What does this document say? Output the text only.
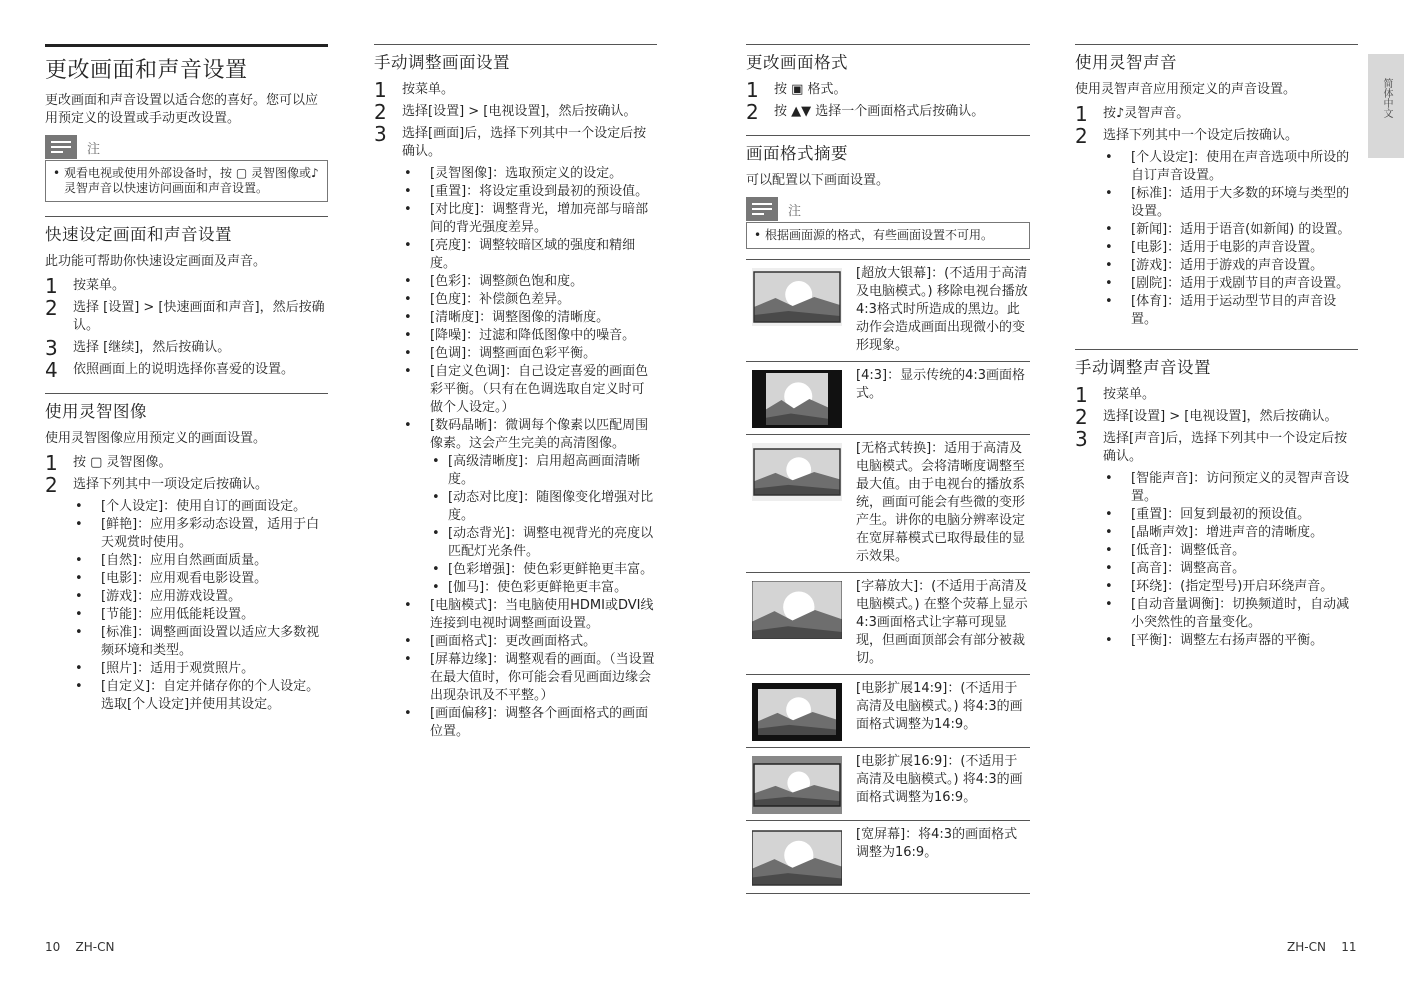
更改画面和声音设置

更改画面和声音设置以适合您的喜好。您可以应用预定义的设置或手动更改设置。

注
• 观看电视或使用外部设备时，按 ▢ 灵智图像或♪灵智声音以快速访问画面和声音设置。
快速设定画面和声音设置

此功能可帮助你快速设定画面及声音。

1	按菜单。
2	选择 [设置] > [快速画面和声音]，然后按确认。
3	选择 [继续]，然后按确认。
4	依照画面上的说明选择你喜爱的设置。
使用灵智图像

使用灵智图像应用预定义的画面设置。

1	按 ▢ 灵智图像。
2	选择下列其中一项设定后按确认。
• [个人设定]：使用自订的画面设定。
• [鲜艳]：应用多彩动态设置，适用于白天观赏时使用。
• [自然]：应用自然画面质量。
• [电影]：应用观看电影设置。
• [游戏]：应用游戏设置。
• [节能]：应用低能耗设置。
• [标准]：调整画面设置以适应大多数视频环境和类型。
• [照片]：适用于观赏照片。
• [自定义]：自定并储存你的个人设定。选取[个人设定]并使用其设定。
手动调整画面设置
1	按菜单。
2	选择[设置] > [电视设置]，然后按确认。
3	选择[画面]后，选择下列其中一个设定后按确认。
• [灵智图像]：选取预定义的设定。
• [重置]：将设定重设到最初的预设值。
• [对比度]：调整背光，增加亮部与暗部间的背光强度差异。
• [亮度]：调整较暗区域的强度和精细度。
• [色彩]：调整颜色饱和度。
• [色度]：补偿颜色差异。
• [清晰度]：调整图像的清晰度。
• [降噪]：过滤和降低图像中的噪音。
• [色调]：调整画面色彩平衡。
• [自定义色调]：自己设定喜爱的画面色彩平衡。（只有在色调选取自定义时可做个人设定。）
• [数码晶晰]：微调每个像素以匹配周围像素。这会产生完美的高清图像。
• [高级清晰度]：启用超高画面清晰度。
• [动态对比度]：随图像变化增强对比度。
• [动态背光]：调整电视背光的亮度以匹配灯光条件。
• [色彩增强]：使色彩更鲜艳更丰富。
• [伽马]：使色彩更鲜艳更丰富。
• [电脑模式]：当电脑使用HDMI或DVI线连接到电视时调整画面设置。
• [画面格式]：更改画面格式。
• [屏幕边缘]：调整观看的画面。（当设置在最大值时，你可能会看见画面边缘会出现杂讯及不平整。）
• [画面偏移]：调整各个画面格式的画面位置。
更改画面格式
1	按 ▣ 格式。
2	按 ▲▼ 选择一个画面格式后按确认。
画面格式摘要

可以配置以下画面设置。

注
• 根据画面源的格式，有些画面设置不可用。
[超放大银幕]：(不适用于高清及电脑模式。) 移除电视台播放4:3格式时所造成的黑边。此动作会造成画面出现微小的变形现象。
[4:3]：显示传统的4:3画面格式。
[无格式转换]：适用于高清及电脑模式。会将清晰度调整至最大值。由于电视台的播放系统，画面可能会有些微的变形产生。讲你的电脑分辨率设定在宽屏幕模式已取得最佳的显示效果。
[字幕放大]：(不适用于高清及电脑模式。) 在整个荧幕上显示4:3画面格式让字幕可现显现，但画面顶部会有部分被裁切。
[电影扩展14:9]：(不适用于高清及电脑模式。) 将4:3的画面格式调整为14:9。
[电影扩展16:9]：(不适用于高清及电脑模式。) 将4:3的画面格式调整为16:9。
[宽屏幕]：将4:3的画面格式调整为16:9。
使用灵智声音

使用灵智声音应用预定义的声音设置。

1	按♪灵智声音。
2	选择下列其中一个设定后按确认。
• [个人设定]：使用在声音选项中所设的自订声音设置。
• [标准]：适用于大多数的环境与类型的设置。
• [新闻]：适用于语音(如新闻) 的设置。
• [电影]：适用于电影的声音设置。
• [游戏]：适用于游戏的声音设置。
• [剧院]：适用于戏剧节目的声音设置。
• [体育]：适用于运动型节目的声音设置。
手动调整声音设置
1	按菜单。
2	选择[设置] > [电视设置]，然后按确认。
3	选择[声音]后，选择下列其中一个设定后按确认。
• [智能声音]：访问预定义的灵智声音设置。
• [重置]：回复到最初的预设值。
• [晶晰声效]：增进声音的清晰度。
• [低音]：调整低音。
• [高音]：调整高音。
• [环绕]：(指定型号)开启环绕声音。
• [自动音量调衡]：切换频道时，自动减小突然性的音量变化。
• [平衡]：调整左右扬声器的平衡。
简体中文
10 ZH-CN	ZH-CN 11
